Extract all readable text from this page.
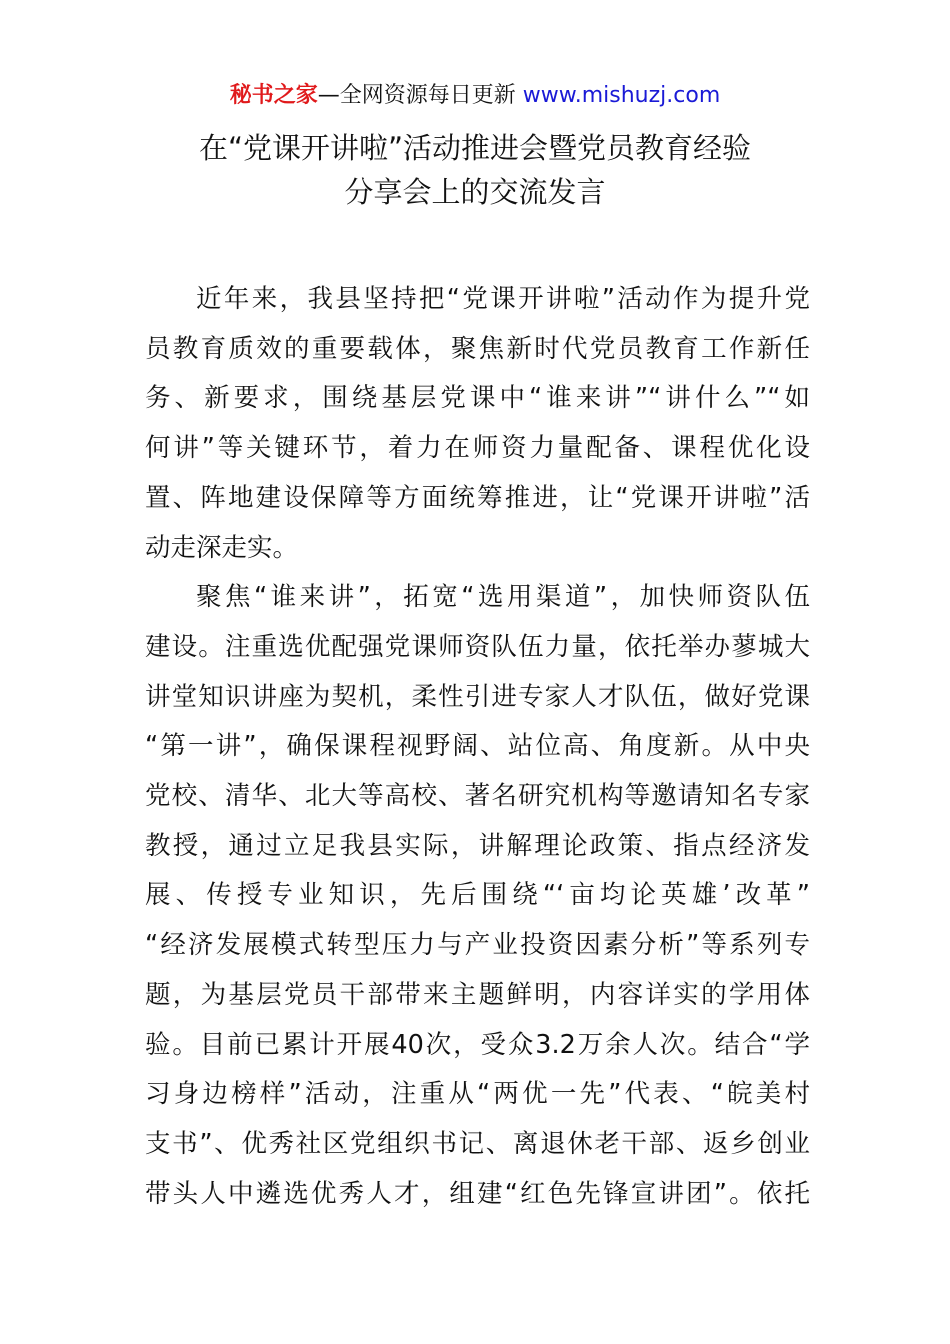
秘书之家—全网资源每日更新 www.mishuzj.com
在“党课开讲啦”活动推进会暨党员教育经验
分享会上的交流发言

近年来，我县坚持把“党课开讲啦”活动作为提升党
员教育质效的重要载体，聚焦新时代党员教育工作新任
务、新要求，围绕基层党课中“谁来讲”“讲什么”“如
何讲”等关键环节，着力在师资力量配备、课程优化设
置、阵地建设保障等方面统筹推进，让“党课开讲啦”活
动走深走实。

聚焦“谁来讲”，拓宽“选用渠道”，加快师资队伍
建设。注重选优配强党课师资队伍力量，依托举办蓼城大
讲堂知识讲座为契机，柔性引进专家人才队伍，做好党课
“第一讲”，确保课程视野阔、站位高、角度新。从中央
党校、清华、北大等高校、著名研究机构等邀请知名专家
教授，通过立足我县实际，讲解理论政策、指点经济发
展、传授专业知识，先后围绕“‘亩均论英雄’改革”
“经济发展模式转型压力与产业投资因素分析”等系列专
题，为基层党员干部带来主题鲜明，内容详实的学用体
验。目前已累计开展40次，受众3.2万余人次。结合“学
习身边榜样”活动，注重从“两优一先”代表、“皖美村
支书”、优秀社区党组织书记、离退休老干部、返乡创业
带头人中遴选优秀人才，组建“红色先锋宣讲团”。依托
